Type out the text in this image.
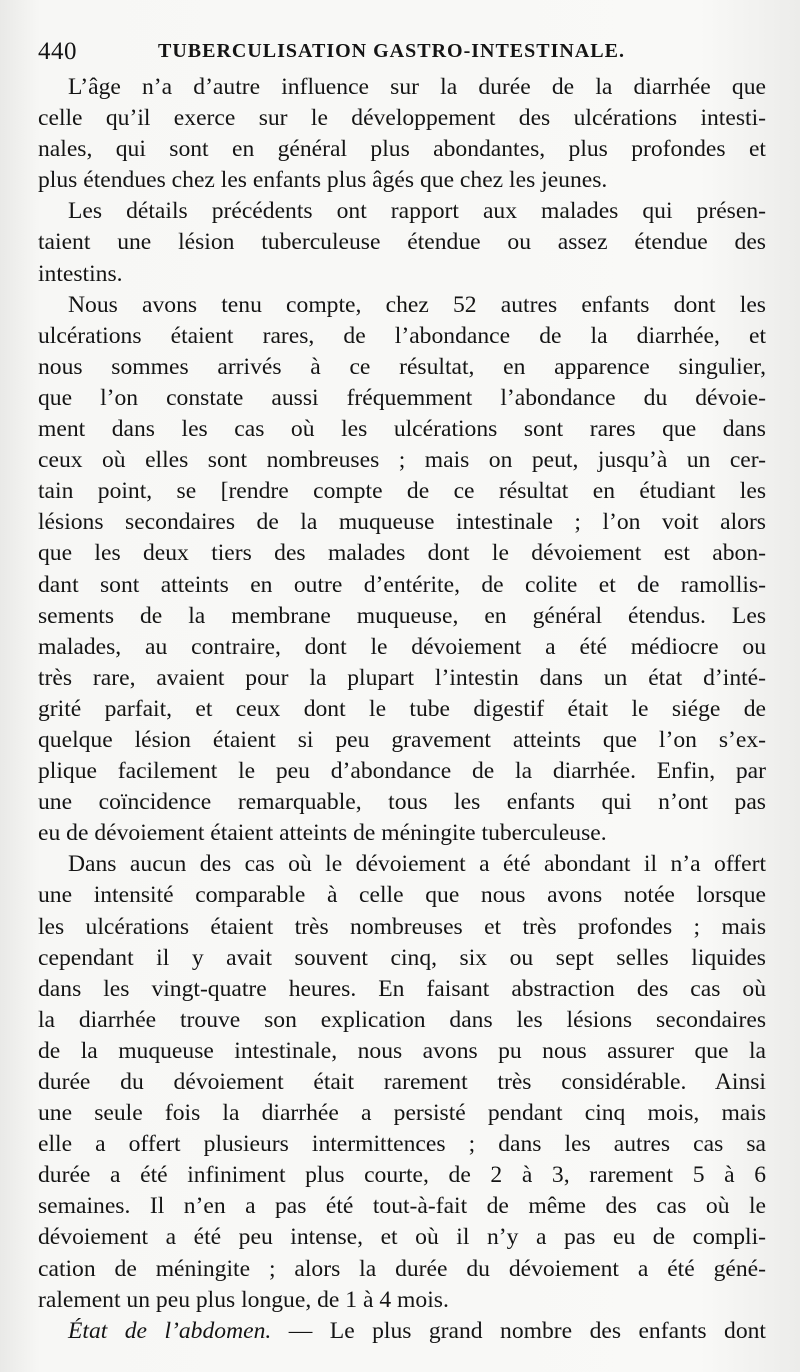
440	TUBERCULISATION GASTRO-INTESTINALE.
L’âge n’a d’autre influence sur la durée de la diarrhée que
celle qu’il exerce sur le développement des ulcérations intesti-
nales, qui sont en général plus abondantes, plus profondes et
plus étendues chez les enfants plus âgés que chez les jeunes.
Les détails précédents ont rapport aux malades qui présen-
taient une lésion tuberculeuse étendue ou assez étendue des
intestins.
Nous avons tenu compte, chez 52 autres enfants dont les
ulcérations étaient rares, de l’abondance de la diarrhée, et
nous sommes arrivés à ce résultat, en apparence singulier,
que l’on constate aussi fréquemment l’abondance du dévoie-
ment dans les cas où les ulcérations sont rares que dans
ceux où elles sont nombreuses ; mais on peut, jusqu’à un cer-
tain point, se [rendre compte de ce résultat en étudiant les
lésions secondaires de la muqueuse intestinale ; l’on voit alors
que les deux tiers des malades dont le dévoiement est abon-
dant sont atteints en outre d’entérite, de colite et de ramollis-
sements de la membrane muqueuse, en général étendus. Les
malades, au contraire, dont le dévoiement a été médiocre ou
très rare, avaient pour la plupart l’intestin dans un état d’inté-
grité parfait, et ceux dont le tube digestif était le siége de
quelque lésion étaient si peu gravement atteints que l’on s’ex-
plique facilement le peu d’abondance de la diarrhée. Enfin, par
une coïncidence remarquable, tous les enfants qui n’ont pas
eu de dévoiement étaient atteints de méningite tuberculeuse.
Dans aucun des cas où le dévoiement a été abondant il n’a offert
une intensité comparable à celle que nous avons notée lorsque
les ulcérations étaient très nombreuses et très profondes ; mais
cependant il y avait souvent cinq, six ou sept selles liquides
dans les vingt-quatre heures. En faisant abstraction des cas où
la diarrhée trouve son explication dans les lésions secondaires
de la muqueuse intestinale, nous avons pu nous assurer que la
durée du dévoiement était rarement très considérable. Ainsi
une seule fois la diarrhée a persisté pendant cinq mois, mais
elle a offert plusieurs intermittences ; dans les autres cas sa
durée a été infiniment plus courte, de 2 à 3, rarement 5 à 6
semaines. Il n’en a pas été tout-à-fait de même des cas où le
dévoiement a été peu intense, et où il n’y a pas eu de compli-
cation de méningite ; alors la durée du dévoiement a été géné-
ralement un peu plus longue, de 1 à 4 mois.
État de l’abdomen. — Le plus grand nombre des enfants dont
